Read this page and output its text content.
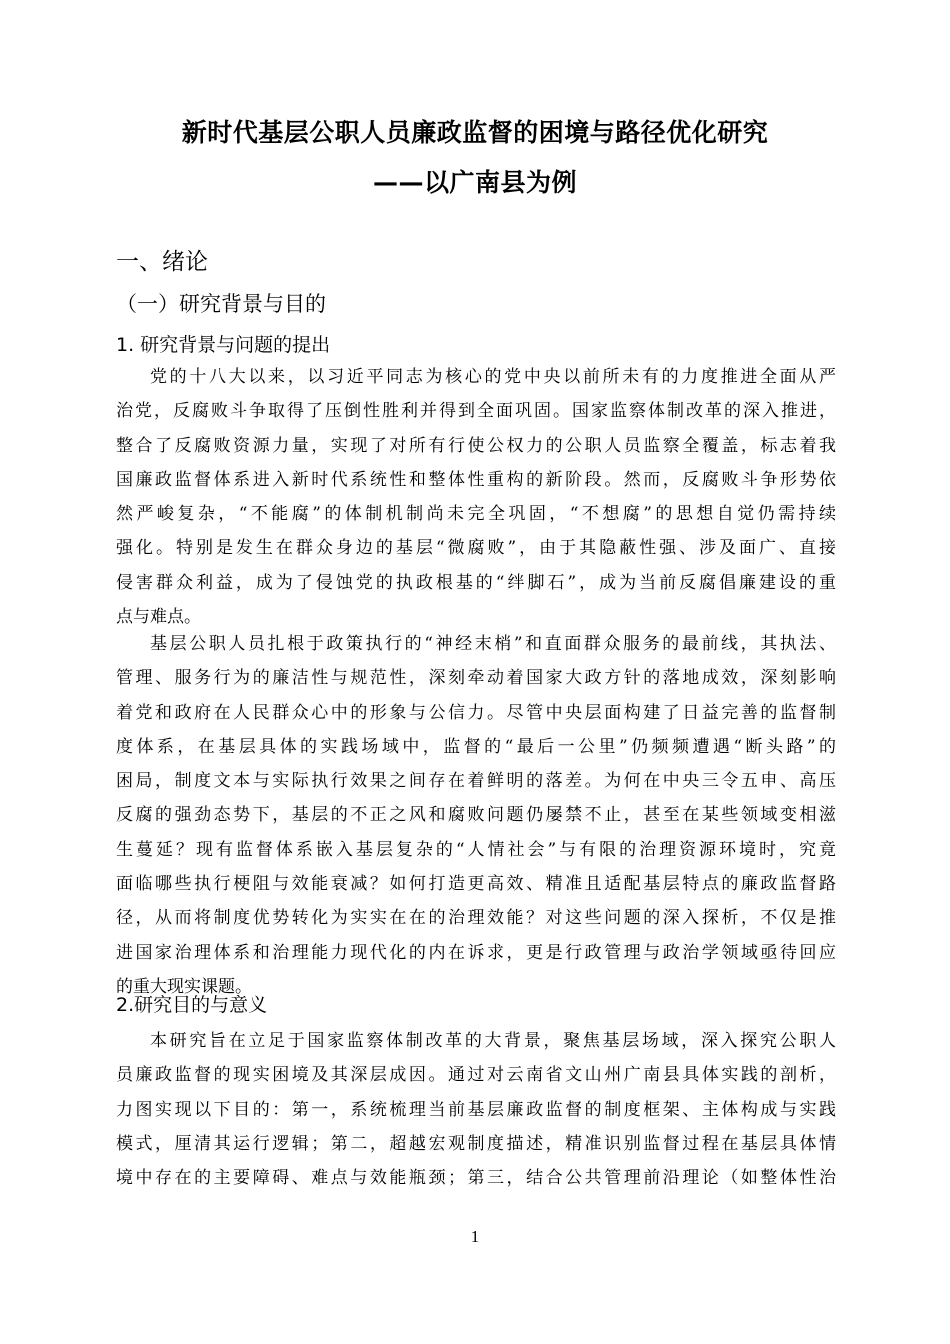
新时代基层公职人员廉政监督的困境与路径优化研究
——以广南县为例
一、绪论
（一）研究背景与目的
1. 研究背景与问题的提出
党的十八大以来，以习近平同志为核心的党中央以前所未有的力度推进全面从严
治党，反腐败斗争取得了压倒性胜利并得到全面巩固。国家监察体制改革的深入推进，
整合了反腐败资源力量，实现了对所有行使公权力的公职人员监察全覆盖，标志着我
国廉政监督体系进入新时代系统性和整体性重构的新阶段。然而，反腐败斗争形势依
然严峻复杂，“不能腐”的体制机制尚未完全巩固，“不想腐”的思想自觉仍需持续
强化。特别是发生在群众身边的基层“微腐败”，由于其隐蔽性强、涉及面广、直接
侵害群众利益，成为了侵蚀党的执政根基的“绊脚石”，成为当前反腐倡廉建设的重
点与难点。
基层公职人员扎根于政策执行的“神经末梢”和直面群众服务的最前线，其执法、
管理、服务行为的廉洁性与规范性，深刻牵动着国家大政方针的落地成效，深刻影响
着党和政府在人民群众心中的形象与公信力。尽管中央层面构建了日益完善的监督制
度体系，在基层具体的实践场域中，监督的“最后一公里”仍频频遭遇“断头路”的
困局，制度文本与实际执行效果之间存在着鲜明的落差。为何在中央三令五申、高压
反腐的强劲态势下，基层的不正之风和腐败问题仍屡禁不止，甚至在某些领域变相滋
生蔓延？现有监督体系嵌入基层复杂的“人情社会”与有限的治理资源环境时，究竟
面临哪些执行梗阻与效能衰减？如何打造更高效、精准且适配基层特点的廉政监督路
径，从而将制度优势转化为实实在在的治理效能？对这些问题的深入探析，不仅是推
进国家治理体系和治理能力现代化的内在诉求，更是行政管理与政治学领域亟待回应
的重大现实课题。
2.研究目的与意义
本研究旨在立足于国家监察体制改革的大背景，聚焦基层场域，深入探究公职人
员廉政监督的现实困境及其深层成因。通过对云南省文山州广南县具体实践的剖析，
力图实现以下目的：第一，系统梳理当前基层廉政监督的制度框架、主体构成与实践
模式，厘清其运行逻辑；第二，超越宏观制度描述，精准识别监督过程在基层具体情
境中存在的主要障碍、难点与效能瓶颈；第三，结合公共管理前沿理论（如整体性治
1
